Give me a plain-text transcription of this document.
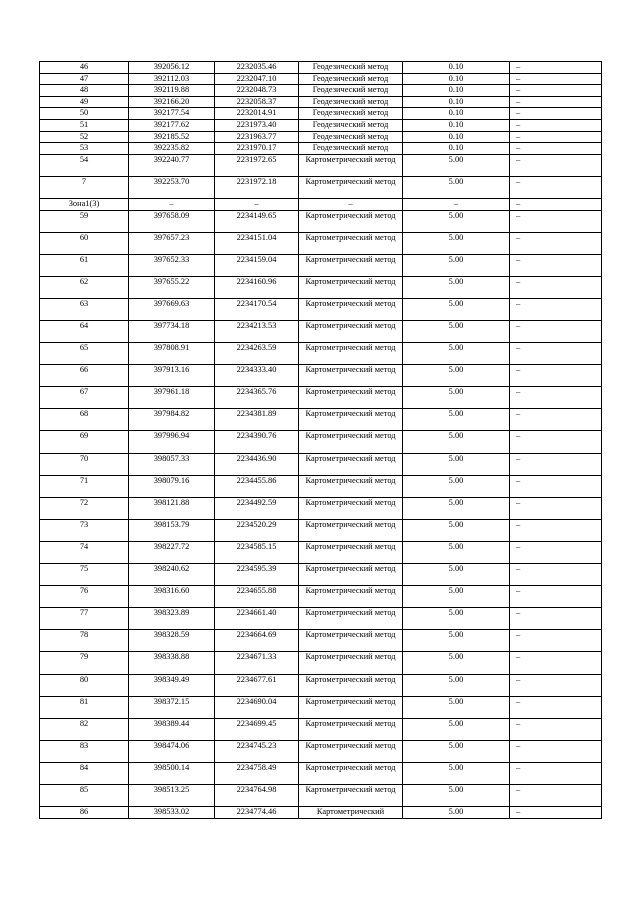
46	392056.12	2232035.46	Геодезический метод	0.10	–
47	392112.03	2232047.10	Геодезический метод	0.10	–
48	392119.88	2232048.73	Геодезический метод	0.10	–
49	392166.20	2232058.37	Геодезический метод	0.10	–
50	392177.54	2232014.91	Геодезический метод	0.10	–
51	392177.62	2231973.40	Геодезический метод	0.10	–
52	392185.52	2231963.77	Геодезический метод	0.10	–
53	392235.82	2231970.17	Геодезический метод	0.10	–
54	392240.77	2231972.65	Картометрический метод	5.00	–
7	392253.70	2231972.18	Картометрический метод	5.00	–
Зона1(3)	–	–	–	–	–
59	397658.09	2234149.65	Картометрический метод	5.00	–
60	397657.23	2234151.04	Картометрический метод	5.00	–
61	397652.33	2234159.04	Картометрический метод	5.00	–
62	397655.22	2234160.96	Картометрический метод	5.00	–
63	397669.63	2234170.54	Картометрический метод	5.00	–
64	397734.18	2234213.53	Картометрический метод	5.00	–
65	397808.91	2234263.59	Картометрический метод	5.00	–
66	397913.16	2234333.40	Картометрический метод	5.00	–
67	397961.18	2234365.76	Картометрический метод	5.00	–
68	397984.82	2234381.89	Картометрический метод	5.00	–
69	397996.94	2234390.76	Картометрический метод	5.00	–
70	398057.33	2234436.90	Картометрический метод	5.00	–
71	398079.16	2234455.86	Картометрический метод	5.00	–
72	398121.88	2234492.59	Картометрический метод	5.00	–
73	398153.79	2234520.29	Картометрический метод	5.00	–
74	398227.72	2234585.15	Картометрический метод	5.00	–
75	398240.62	2234595.39	Картометрический метод	5.00	–
76	398316.60	2234655.88	Картометрический метод	5.00	–
77	398323.89	2234661.40	Картометрический метод	5.00	–
78	398328.59	2234664.69	Картометрический метод	5.00	–
79	398338.88	2234671.33	Картометрический метод	5.00	–
80	398349.49	2234677.61	Картометрический метод	5.00	–
81	398372.15	2234690.04	Картометрический метод	5.00	–
82	398389.44	2234699.45	Картометрический метод	5.00	–
83	398474.06	2234745.23	Картометрический метод	5.00	–
84	398500.14	2234758.49	Картометрический метод	5.00	–
85	398513.25	2234764.98	Картометрический метод	5.00	–
86	398533.02	2234774.46	Картометрический	5.00	–
